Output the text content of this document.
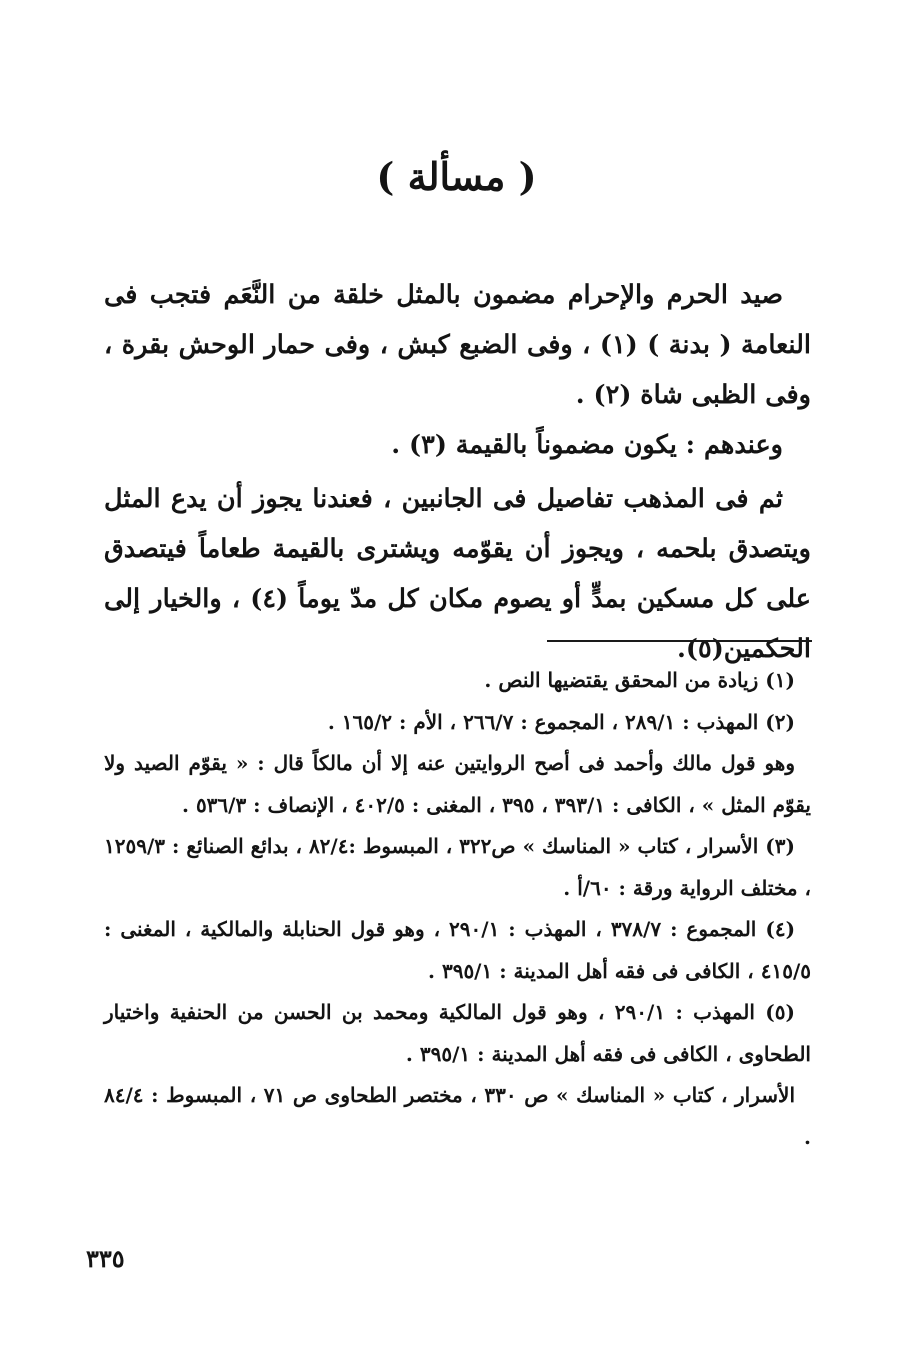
( مسألة )

صيد الحرم والإحرام مضمون بالمثل خلقة من النَّعَم فتجب فى النعامة ( بدنة ) (١) ، وفى الضبع كبش ، وفى حمار الوحش بقرة ، وفى الظبى شاة (٢) .

وعندهم : يكون مضموناً بالقيمة (٣) .

ثم فى المذهب تفاصيل فى الجانبين ، فعندنا يجوز أن يدع المثل ويتصدق بلحمه ، ويجوز أن يقوّمه ويشترى بالقيمة طعاماً فيتصدق على كل مسكين بمدٍّ أو يصوم مكان كل مدّ يوماً (٤) ، والخيار إلى الحكمين(٥).

(١) زيادة من المحقق يقتضيها النص .

(٢) المهذب : ٢٨٩/١ ، المجموع : ٢٦٦/٧ ، الأم : ١٦٥/٢ .

وهو قول مالك وأحمد فى أصح الروايتين عنه إلا أن مالكاً قال : « يقوّم الصيد ولا يقوّم المثل » ، الكافى : ٣٩٣/١ ، ٣٩٥ ، المغنى : ٤٠٢/٥ ، الإنصاف : ٥٣٦/٣ .

(٣) الأسرار ، كتاب « المناسك » ص٣٢٢ ، المبسوط :٨٢/٤ ، بدائع الصنائع : ١٢٥٩/٣ ، مختلف الرواية ورقة : ٦٠/أ .

(٤) المجموع : ٣٧٨/٧ ، المهذب : ٢٩٠/١ ، وهو قول الحنابلة والمالكية ، المغنى : ٤١٥/٥ ، الكافى فى فقه أهل المدينة : ٣٩٥/١ .

(٥) المهذب : ٢٩٠/١ ، وهو قول المالكية ومحمد بن الحسن من الحنفية واختيار الطحاوى ، الكافى فى فقه أهل المدينة : ٣٩٥/١ .

الأسرار ، كتاب « المناسك » ص ٣٣٠ ، مختصر الطحاوى ص ٧١ ، المبسوط : ٨٤/٤ .

٣٣٥
